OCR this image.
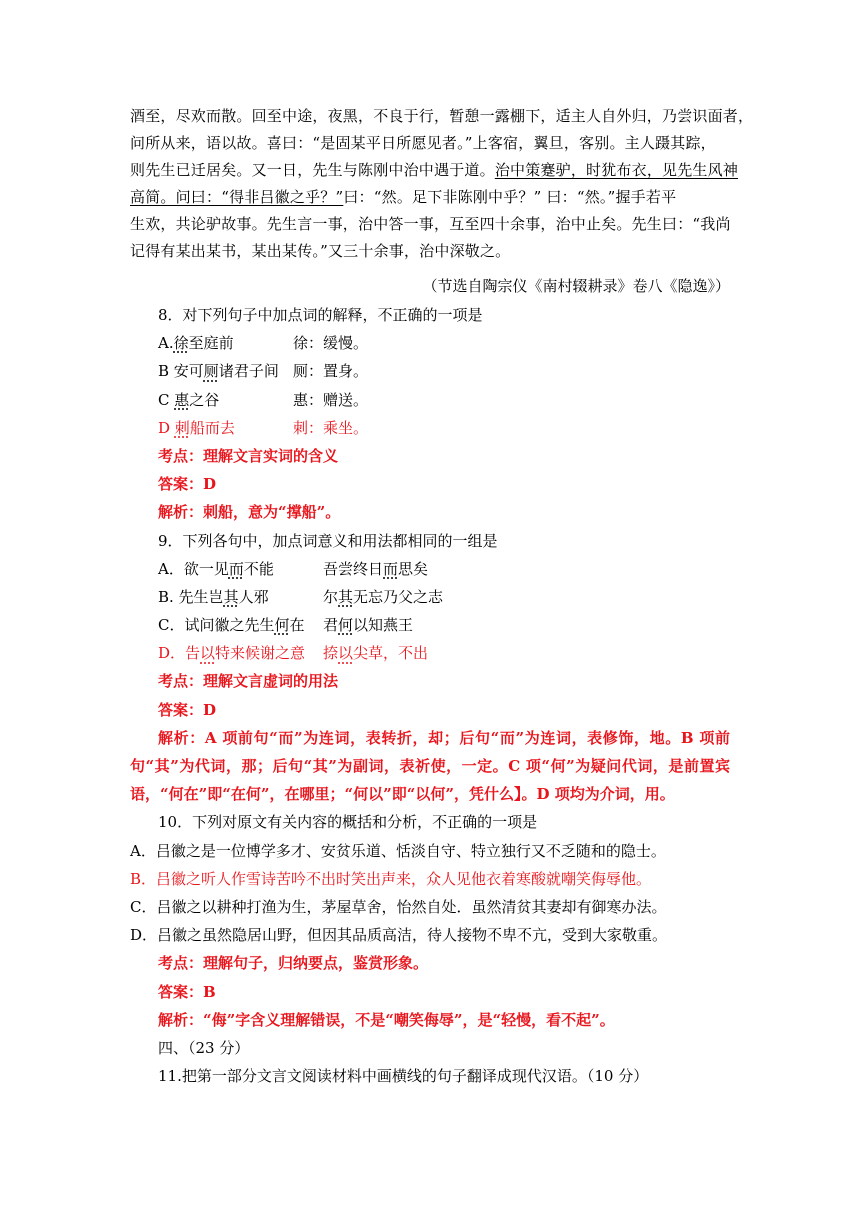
酒至，尽欢而散。回至中途，夜黑，不良于行，暂憩一露棚下，适主人自外归，乃尝识面者，
问所从来，语以故。喜曰：“是固某平日所愿见者。”上客宿，翼旦，客别。主人蹑其踪，
则先生已迁居矣。又一日，先生与陈刚中治中遇于道。治中策蹇驴，时犹布衣，见先生风神
高简。问曰：“得非吕徽之乎？”曰：“然。足下非陈刚中乎？” 曰：“然。”握手若平
生欢，共论驴故事。先生言一事，治中答一事，互至四十余事，治中止矣。先生曰：“我尚
记得有某出某书，某出某传。”又三十余事，治中深敬之。
（节选自陶宗仪《南村辍耕录》卷八《隐逸》）
8．对下列句子中加点词的解释，不正确的一项是
A.徐至庭前	徐：缓慢。
B 安可厕诸君子间 厕：置身。
C 惠之谷	惠：赠送。
D 刺船而去	刺：乘坐。
考点：理解文言实词的含义
答案：D
解析：刺船，意为“撑船”。
9．下列各句中，加点词意义和用法都相同的一组是
A．欲一见而不能	吾尝终日而思矣
B. 先生岂其人邪	尔其无忘乃父之志
C．试问徽之先生何在 君何以知燕王
D．告以特来候谢之意 捺以尖草，不出
考点：理解文言虚词的用法
答案：D
解析：A 项前句“而”为连词，表转折，却；后句“而”为连词，表修饰，地。B 项前句“其”为代词，那；后句“其”为副词，表祈使，一定。C 项“何”为疑问代词，是前置宾语，“何在”即“在何”，在哪里；“何以”即“以何”，凭什么】。D 项均为介词，用。
10．下列对原文有关内容的概括和分析，不正确的一项是
A．吕徽之是一位博学多才、安贫乐道、恬淡自守、特立独行又不乏随和的隐士。
B．吕徽之听人作雪诗苦吟不出时笑出声来，众人见他衣着寒酸就嘲笑侮辱他。
C．吕徽之以耕种打渔为生，茅屋草舍，怡然自处．虽然清贫其妻却有御寒办法。
D．吕徽之虽然隐居山野，但因其品质高洁，待人接物不卑不亢，受到大家敬重。
考点：理解句子，归纳要点，鉴赏形象。
答案：B
解析：“侮”字含义理解错误，不是“嘲笑侮辱”，是“轻慢，看不起”。
四、（23 分）
11.把第一部分文言文阅读材料中画横线的句子翻译成现代汉语。（10 分）
